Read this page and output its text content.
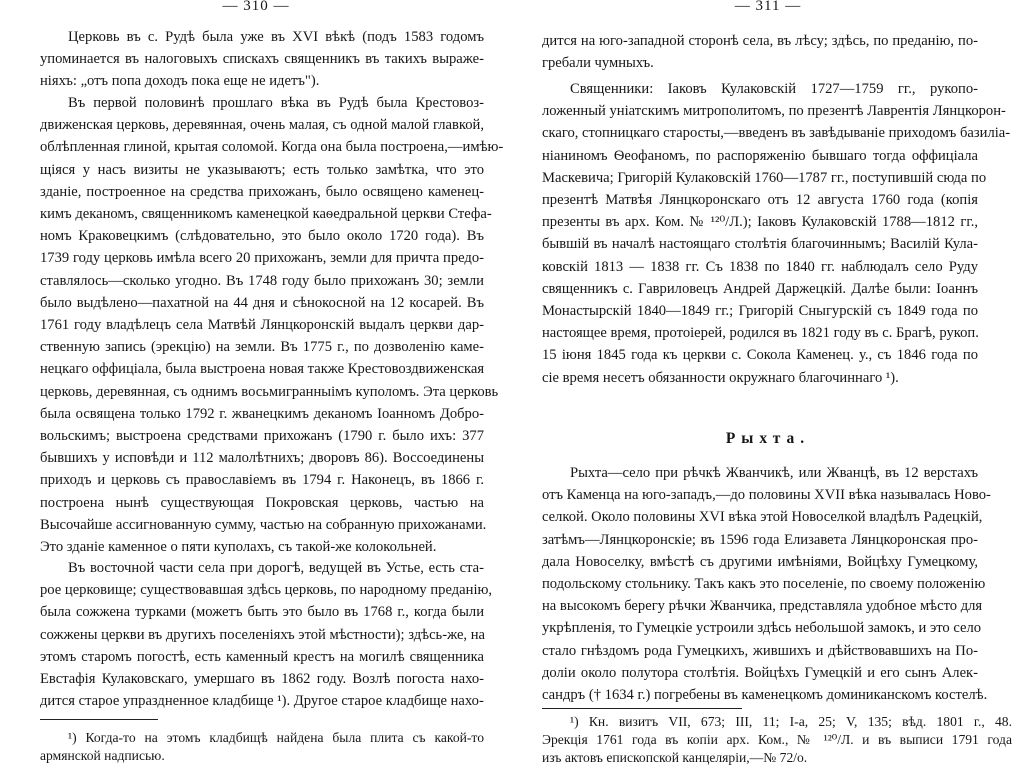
— 310 —
Церковь въ с. Рудѣ была уже въ XVI вѣкѣ (подъ 1583 годомъ
упоминается въ налоговыхъ спискахъ священникъ въ такихъ выраже-
ніяхъ: „отъ попа доходъ пока еще не идетъ").
Въ первой половинѣ прошлаго вѣка въ Рудѣ была Крестовоз-
движенская церковь, деревянная, очень малая, съ одной малой главкой,
облѣпленная глиной, крытая соломой. Когда она была построена,—имѣю-
щіяся у насъ визиты не указываютъ; есть только замѣтка, что это
зданіе, построенное на средства прихожанъ, было освящено каменец-
кимъ деканомъ, священникомъ каменецкой каѳедральной церкви Стефа-
номъ Краковецкимъ (слѣдовательно, это было около 1720 года). Въ
1739 году церковь имѣла всего 20 прихожанъ, земли для причта предо-
ставлялось—сколько угодно. Въ 1748 году было прихожанъ 30; земли
было выдѣлено—пахатной на 44 дня и сѣнокосной на 12 косарей. Въ
1761 году владѣлецъ села Матвѣй Лянцкоронскій выдалъ церкви дар-
ственную запись (эрекцію) на земли. Въ 1775 г., по дозволенію каме-
нецкаго оффиціала, была выстроена новая также Крестовоздвиженская
церковь, деревянная, съ однимъ восьмигранныімъ куполомъ. Эта церковь
была освящена только 1792 г. жванецкимъ деканомъ Іоанномъ Добро-
вольскимъ; выстроена средствами прихожанъ (1790 г. было ихъ: 377
бывшихъ у исповѣди и 112 малолѣтнихъ; дворовъ 86). Воссоединены
приходъ и церковь съ православіемъ въ 1794 г. Наконецъ, въ 1866 г.
построена нынѣ существующая Покровская церковь, частью на
Высочайше ассигнованную сумму, частью на собранную прихожанами.
Это зданіе каменное о пяти куполахъ, съ такой-же колокольней.
Въ восточной части села при дорогѣ, ведущей въ Устье, есть ста-
рое церковище; существовавшая здѣсь церковь, по народному преданію,
была сожжена турками (можетъ быть это было въ 1768 г., когда были
сожжены церкви въ другихъ поселеніяхъ этой мѣстности); здѣсь-же, на
этомъ старомъ погостѣ, есть каменный крестъ на могилѣ священника
Евстафія Кулаковскаго, умершаго въ 1862 году. Возлѣ погоста нахо-
дится старое упраздненное кладбище ¹). Другое старое кладбище нахо-
¹) Когда-то на этомъ кладбищѣ найдена была плита съ какой-то
армянской надписью.
— 311 —
дится на юго-западной сторонѣ села, въ лѣсу; здѣсь, по преданію, по-
гребали чумныхъ.
Священники: Іаковъ Кулаковскій 1727—1759 гг., рукопо-
ложенный уніатскимъ митрополитомъ, по презентѣ Лаврентія Лянцкорон-
скаго, стопницкаго старосты,—введенъ въ завѣдываніе приходомъ базиліа-
ніаниномъ Ѳеофаномъ, по распоряженію бывшаго тогда оффиціала
Маскевича; Григорій Кулаковскій 1760—1787 гг., поступившій сюда по
презентѣ Матвѣя Лянцкоронскаго отъ 12 августа 1760 года (копія
презенты въ арх. Ком. № ¹²⁰/Л.); Іаковъ Кулаковскій 1788—1812 гг.,
бывшій въ началѣ настоящаго столѣтія благочиннымъ; Василій Кула-
ковскій 1813 — 1838 гг. Съ 1838 по 1840 гг. наблюдалъ село Руду
священникъ с. Гавриловецъ Андрей Даржецкій. Далѣе были: Іоаннъ
Монастырскій 1840—1849 гг.; Григорій Сныгурскій съ 1849 года по
настоящее время, протоіерей, родился въ 1821 году въ с. Брагѣ, рукоп.
15 іюня 1845 года къ церкви с. Сокола Каменец. у., съ 1846 года по
сіе время несетъ обязанности окружнаго благочиннаго ¹).
Рыхта.
Рыхта—село при рѣчкѣ Жванчикѣ, или Жванцѣ, въ 12 верстахъ
отъ Каменца на юго-западъ,—до половины XVII вѣка называлась Ново-
селкой. Около половины XVI вѣка этой Новоселкой владѣлъ Радецкій,
затѣмъ—Лянцкоронскіе; въ 1596 года Елизавета Лянцкоронская про-
дала Новоселку, вмѣстѣ съ другими имѣніями, Войцѣху Гумецкому,
подольскому стольнику. Такъ какъ это поселеніе, по своему положенію
на высокомъ берегу рѣчки Жванчика, представляла удобное мѣсто для
укрѣпленія, то Гумецкіе устроили здѣсь небольшой замокъ, и это село
стало гнѣздомъ рода Гумецкихъ, жившихъ и дѣйствовавшихъ на По-
доліи около полутора столѣтія. Войцѣхъ Гумецкій и его сынъ Алек-
сандръ († 1634 г.) погребены въ каменецкомъ доминиканскомъ костелѣ.
¹) Кн. визитъ VII, 673; III, 11; І-а, 25; V, 135; вѣд. 1801 г., 48.
Эрекція 1761 года въ копіи арх. Ком., № ¹²⁰/Л. и въ выписи 1791 года
изъ актовъ епископской канцеляріи,—№ 72/о.
